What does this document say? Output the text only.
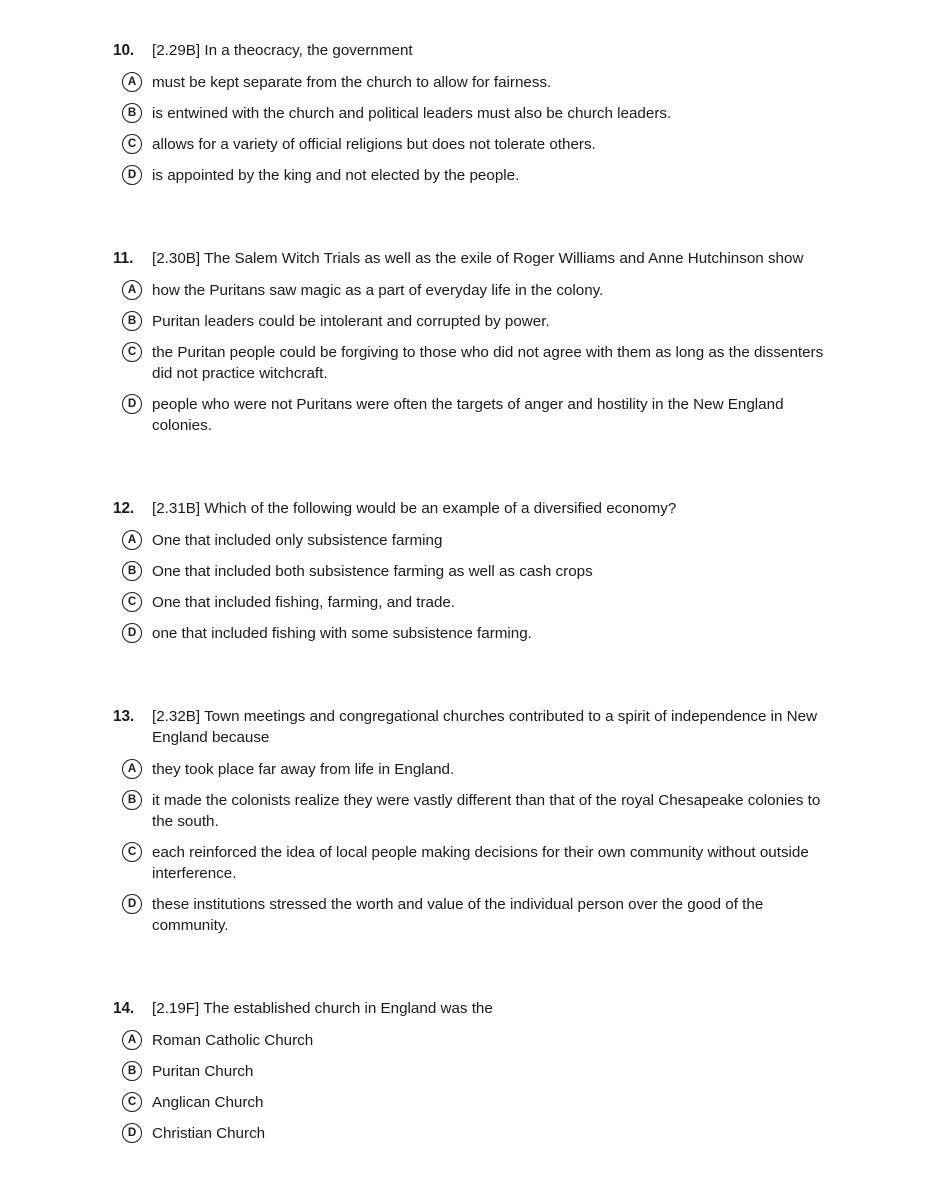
10.	[2.29B] In a theocracy, the government
A	must be kept separate from the church to allow for fairness.
B	is entwined with the church and political leaders must also be church leaders.
C	allows for a variety of official religions but does not tolerate others.
D	is appointed by the king and not elected by the people.
11.	[2.30B] The Salem Witch Trials as well as the exile of Roger Williams and Anne Hutchinson show
A	how the Puritans saw magic as a part of everyday life in the colony.
B	Puritan leaders could be intolerant and corrupted by power.
C	the Puritan people could be forgiving to those who did not agree with them as long as the dissenters did not practice witchcraft.
D	people who were not Puritans were often the targets of anger and hostility in the New England colonies.
12.	[2.31B] Which of the following would be an example of a diversified economy?
A	One that included only subsistence farming
B	One that included both subsistence farming as well as cash crops
C	One that included fishing, farming, and trade.
D	one that included fishing with some subsistence farming.
13.	[2.32B] Town meetings and congregational churches contributed to a spirit of independence in New England because
A	they took place far away from life in England.
B	it made the colonists realize they were vastly different than that of the royal Chesapeake colonies to the south.
C	each reinforced the idea of local people making decisions for their own community without outside interference.
D	these institutions stressed the worth and value of the individual person over the good of the community.
14.	[2.19F] The established church in England was the
A	Roman Catholic Church
B	Puritan Church
C	Anglican Church
D	Christian Church
